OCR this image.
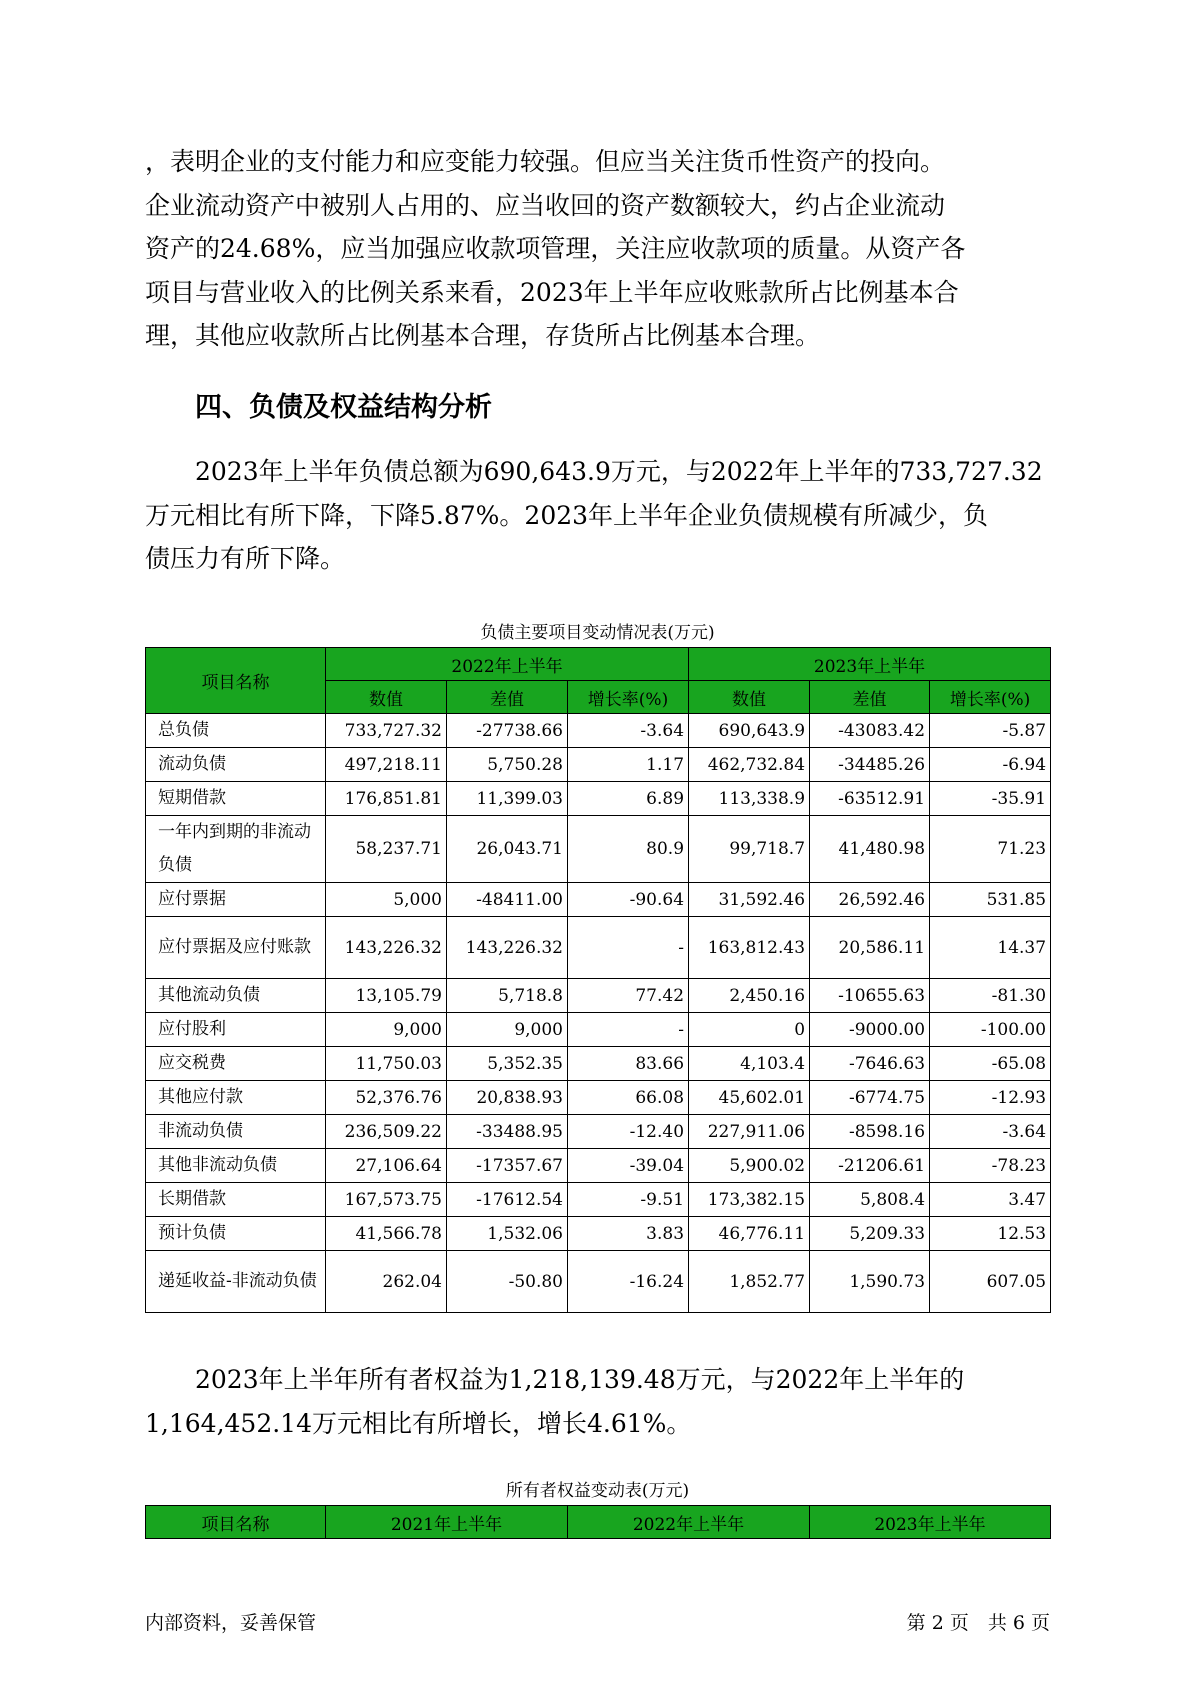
，表明企业的支付能力和应变能力较强。但应当关注货币性资产的投向。

企业流动资产中被别人占用的、应当收回的资产数额较大，约占企业流动

资产的24.68%，应当加强应收款项管理，关注应收款项的质量。从资产各

项目与营业收入的比例关系来看，2023年上半年应收账款所占比例基本合

理，其他应收款所占比例基本合理，存货所占比例基本合理。

四、负债及权益结构分析

2023年上半年负债总额为690,643.9万元，与2022年上半年的733,727.32

万元相比有所下降，下降5.87%。2023年上半年企业负债规模有所减少，负

债压力有所下降。

负债主要项目变动情况表(万元)
项目名称	2022年上半年			2023年上半年		
	数值	差值	增长率(%)	数值	差值	增长率(%)
总负债	733,727.32	-27738.66	-3.64	690,643.9	-43083.42	-5.87
流动负债	497,218.11	5,750.28	1.17	462,732.84	-34485.26	-6.94
短期借款	176,851.81	11,399.03	6.89	113,338.9	-63512.91	-35.91
一年内到期的非流动负债	58,237.71	26,043.71	80.9	99,718.7	41,480.98	71.23
应付票据	5,000	-48411.00	-90.64	31,592.46	26,592.46	531.85
应付票据及应付账款	143,226.32	143,226.32	-	163,812.43	20,586.11	14.37
其他流动负债	13,105.79	5,718.8	77.42	2,450.16	-10655.63	-81.30
应付股利	9,000	9,000	-	0	-9000.00	-100.00
应交税费	11,750.03	5,352.35	83.66	4,103.4	-7646.63	-65.08
其他应付款	52,376.76	20,838.93	66.08	45,602.01	-6774.75	-12.93
非流动负债	236,509.22	-33488.95	-12.40	227,911.06	-8598.16	-3.64
其他非流动负债	27,106.64	-17357.67	-39.04	5,900.02	-21206.61	-78.23
长期借款	167,573.75	-17612.54	-9.51	173,382.15	5,808.4	3.47
预计负债	41,566.78	1,532.06	3.83	46,776.11	5,209.33	12.53
递延收益-非流动负债	262.04	-50.80	-16.24	1,852.77	1,590.73	607.05

2023年上半年所有者权益为1,218,139.48万元，与2022年上半年的

1,164,452.14万元相比有所增长，增长4.61%。

所有者权益变动表(万元)
项目名称	2021年上半年	2022年上半年	2023年上半年
内部资料，妥善保管	第 2 页　共 6 页
